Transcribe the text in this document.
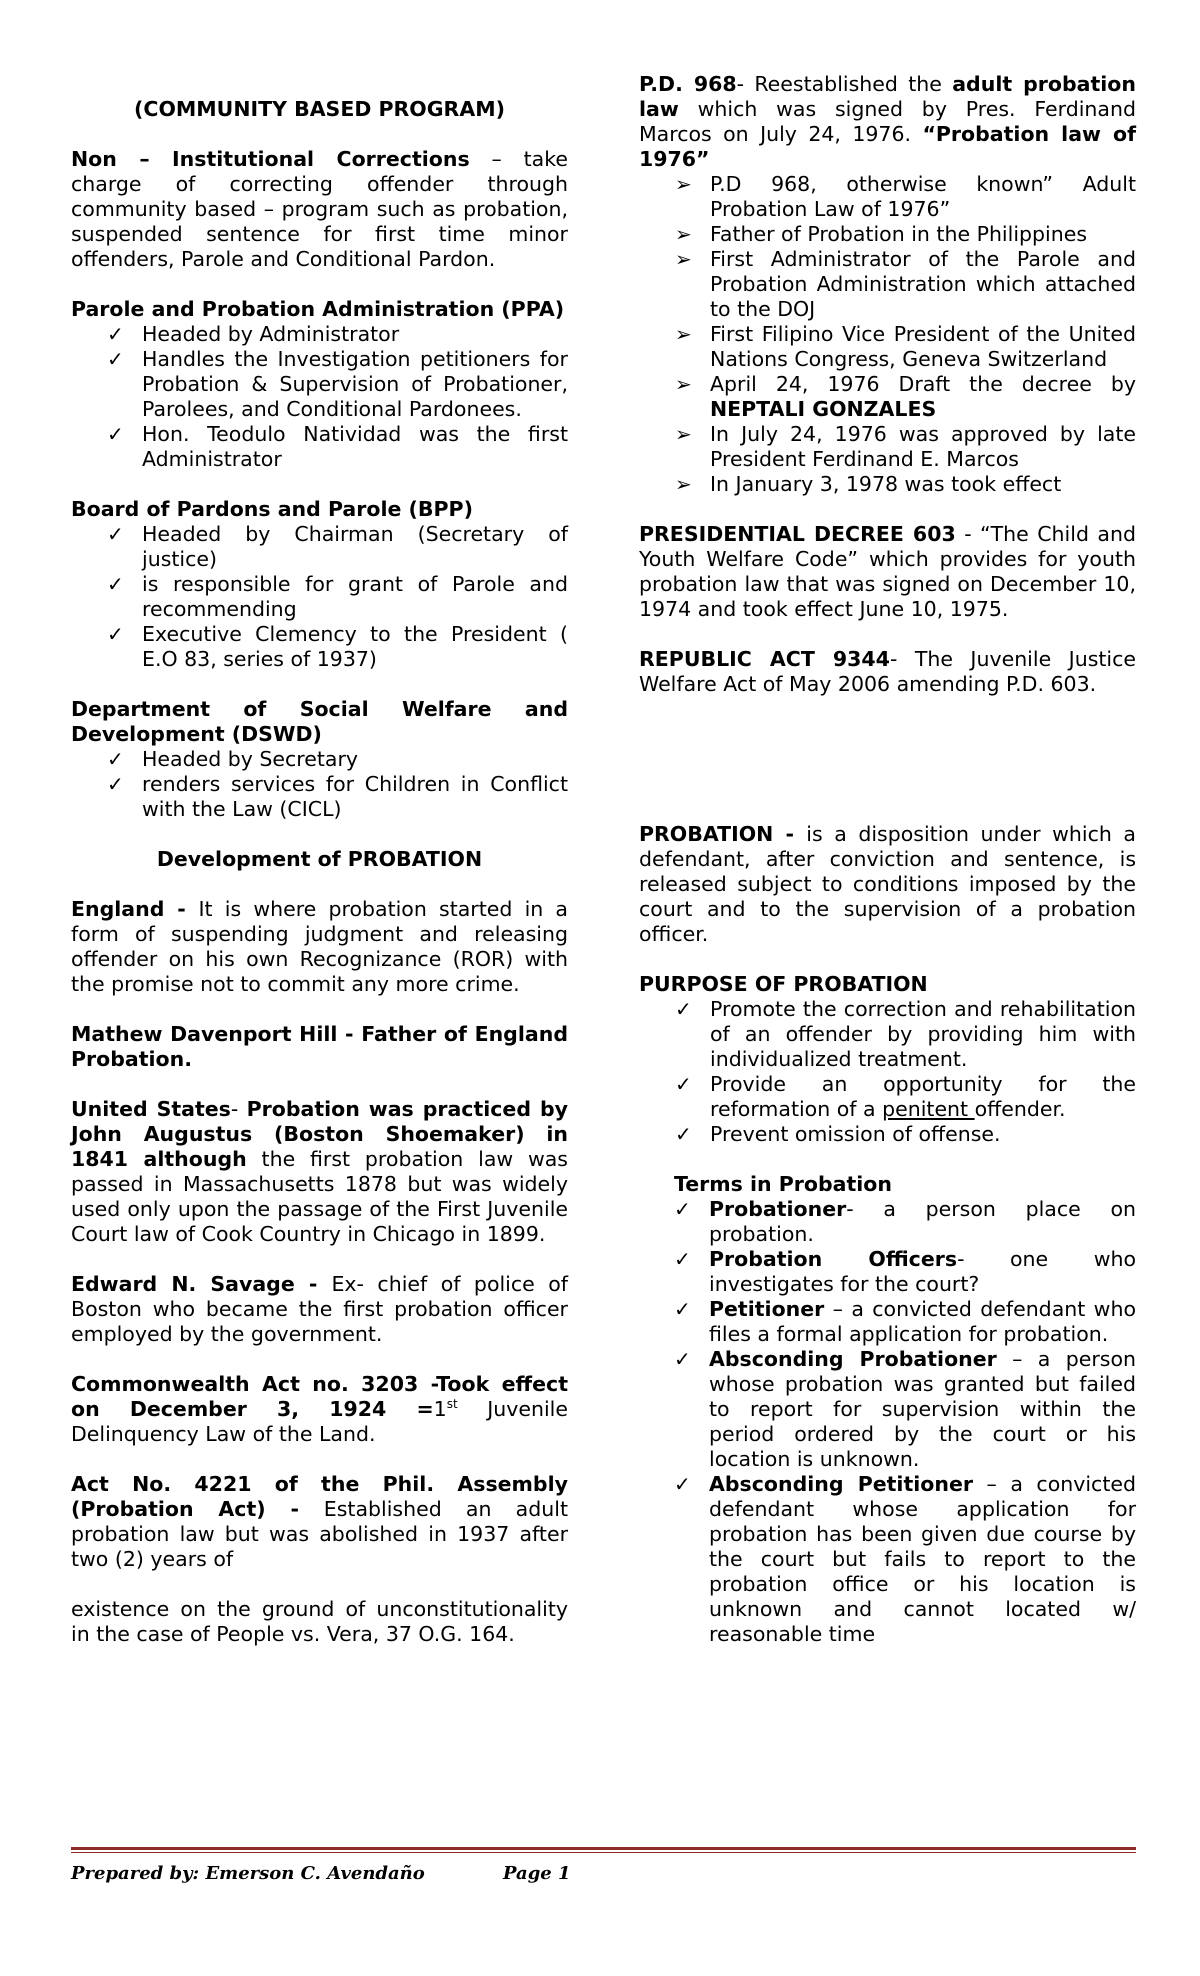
(COMMUNITY BASED PROGRAM)

Non – Institutional Corrections – take charge of correcting offender through community based – program such as probation, suspended sentence for first time minor offenders, Parole and Conditional Pardon.

Parole and Probation Administration (PPA)

✓ Headed by Administrator
✓ Handles the Investigation petitioners for Probation & Supervision of Probationer, Parolees, and Conditional Pardonees.
✓ Hon. Teodulo Natividad was the first Administrator

Board of Pardons and Parole (BPP)

✓ Headed by Chairman (Secretary of justice)
✓ is responsible for grant of Parole and recommending
✓ Executive Clemency to the President ( E.O 83, series of 1937)

Department of Social Welfare and Development (DSWD)

✓ Headed by Secretary
✓ renders services for Children in Conflict with the Law (CICL)

Development of PROBATION

England - It is where probation started in a form of suspending judgment and releasing offender on his own Recognizance (ROR) with the promise not to commit any more crime.

Mathew Davenport Hill - Father of England Probation.

United States- Probation was practiced by John Augustus (Boston Shoemaker) in 1841 although the first probation law was passed in Massachusetts 1878 but was widely used only upon the passage of the First Juvenile Court law of Cook Country in Chicago in 1899.

Edward N. Savage - Ex- chief of police of Boston who became the first probation officer employed by the government.

Commonwealth Act no. 3203 -Took effect on December 3, 1924 =1st Juvenile Delinquency Law of the Land.

Act No. 4221 of the Phil. Assembly (Probation Act) - Established an adult probation law but was abolished in 1937 after two (2) years of

existence on the ground of unconstitutionality in the case of People vs. Vera, 37 O.G. 164.

P.D. 968- Reestablished the adult probation law which was signed by Pres. Ferdinand Marcos on July 24, 1976. “Probation law of 1976”

➢ P.D 968, otherwise known” Adult Probation Law of 1976”
➢ Father of Probation in the Philippines
➢ First Administrator of the Parole and Probation Administration which attached to the DOJ
➢ First Filipino Vice President of the United Nations Congress, Geneva Switzerland
➢ April 24, 1976 Draft the decree by NEPTALI GONZALES
➢ In July 24, 1976 was approved by late President Ferdinand E. Marcos
➢ In January 3, 1978 was took effect

PRESIDENTIAL DECREE 603 - “The Child and Youth Welfare Code” which provides for youth probation law that was signed on December 10, 1974 and took effect June 10, 1975.

REPUBLIC ACT 9344- The Juvenile Justice Welfare Act of May 2006 amending P.D. 603.

PROBATION - is a disposition under which a defendant, after conviction and sentence, is released subject to conditions imposed by the court and to the supervision of a probation officer.

PURPOSE OF PROBATION

✓ Promote the correction and rehabilitation of an offender by providing him with individualized treatment.
✓ Provide an opportunity for the reformation of a penitent offender.
✓ Prevent omission of offense.

Terms in Probation

✓ Probationer- a person place on probation.
✓ Probation Officers- one who investigates for the court?
✓ Petitioner – a convicted defendant who files a formal application for probation.
✓ Absconding Probationer – a person whose probation was granted but failed to report for supervision within the period ordered by the court or his location is unknown.
✓ Absconding Petitioner – a convicted defendant whose application for probation has been given due course by the court but fails to report to the probation office or his location is unknown and cannot located w/ reasonable time
Prepared by: Emerson C. Avendaño	Page 1
